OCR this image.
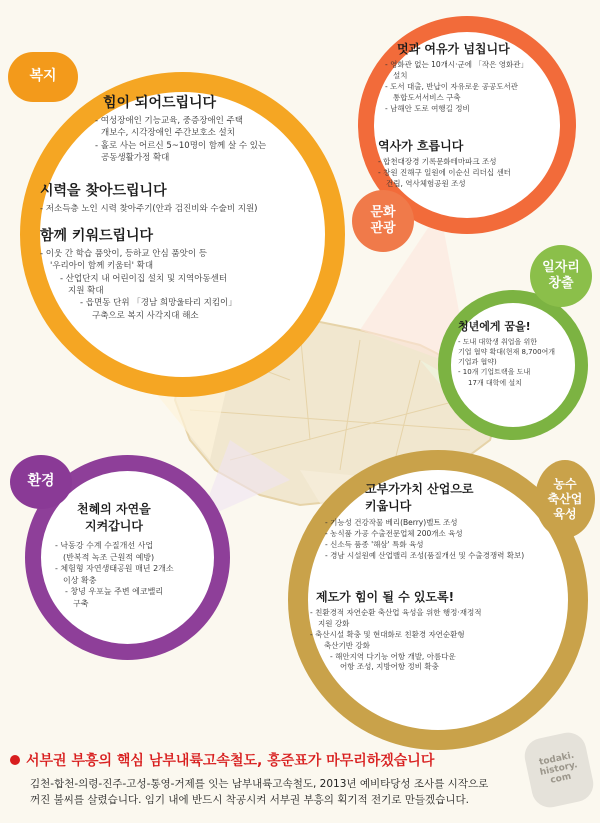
복지

힘이 되어드립니다

- 여성장애인 기능교육, 중증장애인 주택

개보수, 시각장애인 주간보호소 설치

- 홀로 사는 어르신 5~10명이 함께 살 수 있는

공동생활가정 확대

시력을 찾아드립니다

- 저소득층 노인 시력 찾아주기(안과 검진비와 수술비 지원)

함께 키워드립니다

- 이웃 간 학습 품앗이, 등하교 안심 품앗이 등

'우리아이 함께 키움터' 확대

- 산업단지 내 어린이집 설치 및 지역아동센터

지원 확대

- 읍면동 단위 「경남 희망울타리 지킴이」

구축으로 복지 사각지대 해소

문화
관광

멋과 여유가 넘칩니다

- 영화관 없는 10개시·군에 「작은 영화관」

설치

- 도서 대출, 반납이 자유로운 공공도서관

통합도서서비스 구축

- 남해안 도로 여행길 정비

역사가 흐릅니다

- 합천대장경 기록문화테마파크 조성

- 창원 진해구 일원에 이순신 리더십 센터

건립, 역사체험공원 조성

일자리
창출

청년에게 꿈을!

- 도내 대학생 취업을 위한

기업 협약 확대(현재 8,700여개

기업과 협약)

- 10개 기업트랙을 도내

17개 대학에 설치

환경

천혜의 자연을

지켜갑니다

- 낙동강 수계 수질개선 사업

(반복적 녹조 근원적 예방)

- 체험형 자연생태공원 매년 2개소

이상 확충

- 창녕 우포늪 주변 에코밸리

구축

농수
축산업
육성

고부가가치 산업으로

키웁니다

- 기능성 건강작물 베리(Berry)벨트 조성

- 농식품 가공 수출전문업체 200개소 육성

- 신소득 품종 '해삼' 특화 육성

- 경남 시설원예 산업밸리 조성(품질개선 및 수출경쟁력 확보)

제도가 힘이 될 수 있도록!

- 친환경적 자연순환 축산업 육성을 위한 행정·재정적

지원 강화

- 축산시설 확충 및 현대화로 친환경 자연순환형

축산기반 강화

- 해안지역 다기능 어항 개발, 아름다운

어항 조성, 지방어항 정비 확충

서부권 부흥의 핵심 남부내륙고속철도, 홍준표가 마무리하겠습니다
김천-합천-의령-진주-고성-통영-거제를 잇는 남부내륙고속철도, 2013년 예비타당성 조사를 시작으로
꺼진 불씨를 살렸습니다. 임기 내에 반드시 착공시켜 서부권 부흥의 획기적 전기로 만들겠습니다.
todaki. history. com
